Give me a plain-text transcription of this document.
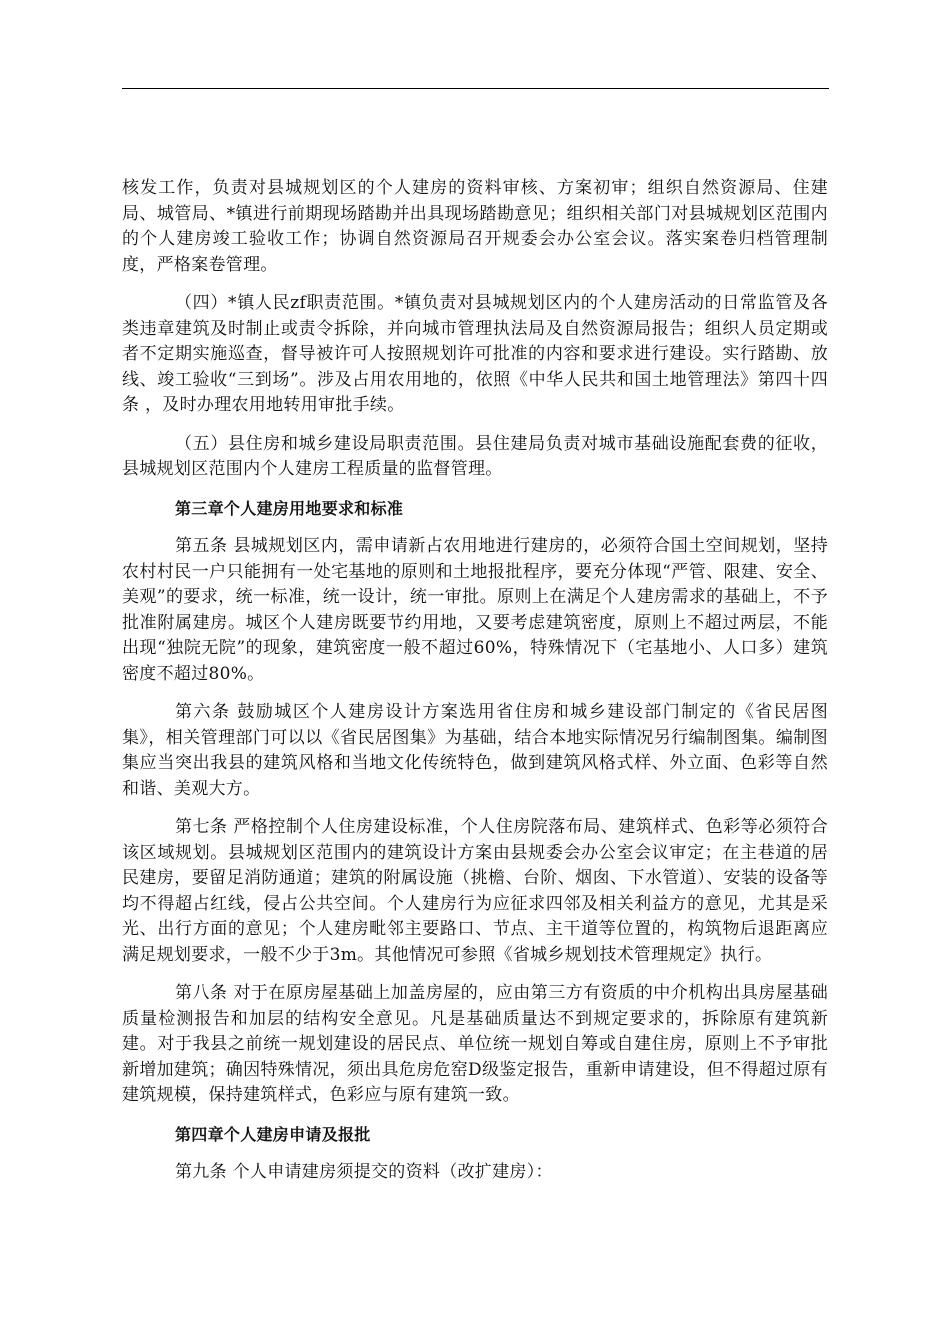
核发工作，负责对县城规划区的个人建房的资料审核、方案初审；组织自然资源局、住建局、城管局、*镇进行前期现场踏勘并出具现场踏勘意见；组织相关部门对县城规划区范围内的个人建房竣工验收工作；协调自然资源局召开规委会办公室会议。落实案卷归档管理制度，严格案卷管理。

（四）*镇人民zf职责范围。*镇负责对县城规划区内的个人建房活动的日常监管及各类违章建筑及时制止或责令拆除，并向城市管理执法局及自然资源局报告；组织人员定期或者不定期实施巡查，督导被许可人按照规划许可批准的内容和要求进行建设。实行踏勘、放线、竣工验收“三到场”。涉及占用农用地的，依照《中华人民共和国土地管理法》第四十四条 ，及时办理农用地转用审批手续。

（五）县住房和城乡建设局职责范围。县住建局负责对城市基础设施配套费的征收，县城规划区范围内个人建房工程质量的监督管理。

第三章个人建房用地要求和标准

第五条 县城规划区内，需申请新占农用地进行建房的，必须符合国土空间规划，坚持农村村民一户只能拥有一处宅基地的原则和土地报批程序，要充分体现“严管、限建、安全、美观”的要求，统一标准，统一设计，统一审批。原则上在满足个人建房需求的基础上，不予批准附属建房。城区个人建房既要节约用地，又要考虑建筑密度，原则上不超过两层，不能出现“独院无院”的现象，建筑密度一般不超过60%，特殊情况下（宅基地小、人口多）建筑密度不超过80%。

第六条 鼓励城区个人建房设计方案选用省住房和城乡建设部门制定的《省民居图集》，相关管理部门可以以《省民居图集》为基础，结合本地实际情况另行编制图集。编制图集应当突出我县的建筑风格和当地文化传统特色，做到建筑风格式样、外立面、色彩等自然和谐、美观大方。

第七条 严格控制个人住房建设标准，个人住房院落布局、建筑样式、色彩等必须符合该区域规划。县城规划区范围内的建筑设计方案由县规委会办公室会议审定；在主巷道的居民建房，要留足消防通道；建筑的附属设施（挑檐、台阶、烟囱、下水管道）、安装的设备等均不得超占红线，侵占公共空间。个人建房行为应征求四邻及相关利益方的意见，尤其是采光、出行方面的意见；个人建房毗邻主要路口、节点、主干道等位置的，构筑物后退距离应满足规划要求，一般不少于3m。其他情况可参照《省城乡规划技术管理规定》执行。

第八条 对于在原房屋基础上加盖房屋的，应由第三方有资质的中介机构出具房屋基础质量检测报告和加层的结构安全意见。凡是基础质量达不到规定要求的，拆除原有建筑新建。对于我县之前统一规划建设的居民点、单位统一规划自筹或自建住房，原则上不予审批新增加建筑；确因特殊情况，须出具危房危窑D级鉴定报告，重新申请建设，但不得超过原有建筑规模，保持建筑样式，色彩应与原有建筑一致。

第四章个人建房申请及报批

第九条 个人申请建房须提交的资料（改扩建房）：
